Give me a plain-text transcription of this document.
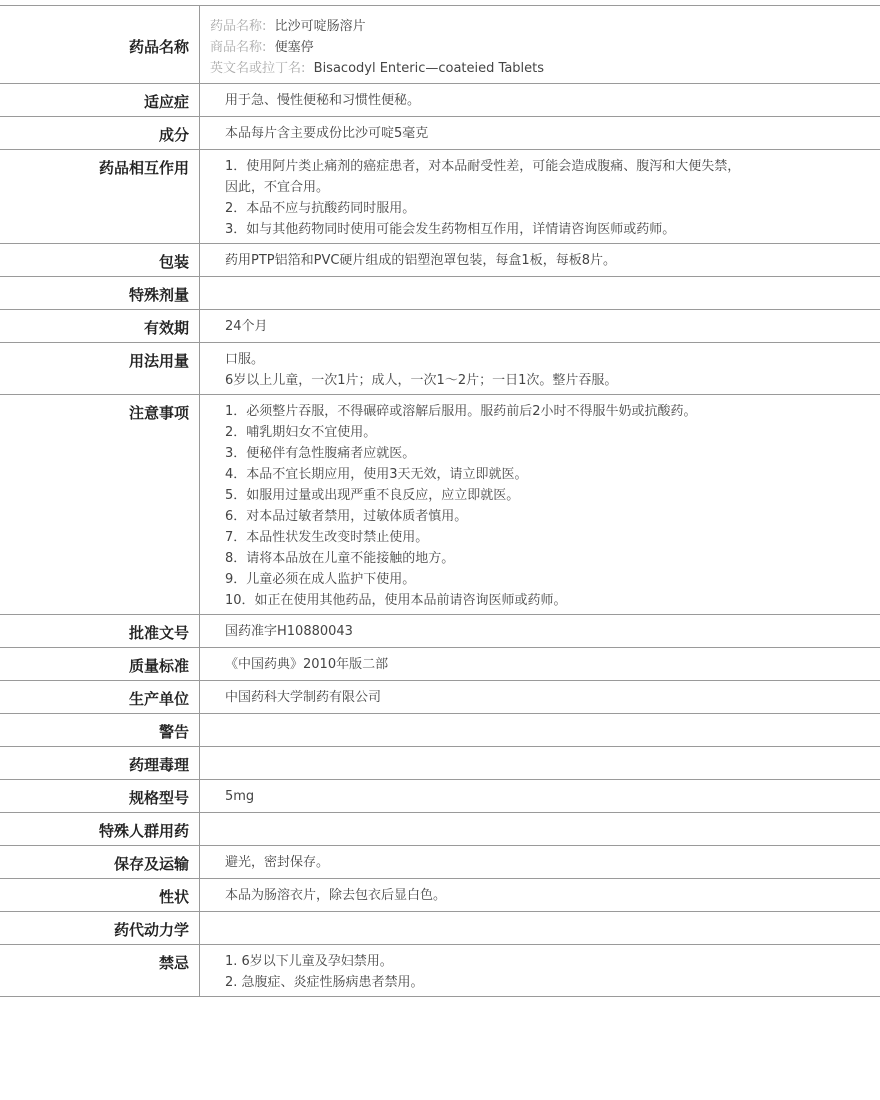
药品名称
药品名称: 比沙可啶肠溶片
商品名称: 便塞停
英文名或拉丁名: Bisacodyl Enteric—coateied Tablets
适应症	用于急、慢性便秘和习惯性便秘。
成分	本品每片含主要成份比沙可啶5毫克
药品相互作用	1．使用阿片类止痛剂的癌症患者，对本品耐受性差，可能会造成腹痛、腹泻和大便失禁，
因此，不宜合用。
2．本品不应与抗酸药同时服用。
3．如与其他药物同时使用可能会发生药物相互作用，详情请咨询医师或药师。
包装	药用PTP铝箔和PVC硬片组成的铝塑泡罩包装，每盒1板，每板8片。
特殊剂量
有效期	24个月
用法用量	口服。
6岁以上儿童，一次1片；成人，一次1～2片；一日1次。整片吞服。
注意事项	1．必须整片吞服，不得碾碎或溶解后服用。服药前后2小时不得服牛奶或抗酸药。
2．哺乳期妇女不宜使用。
3．便秘伴有急性腹痛者应就医。
4．本品不宜长期应用，使用3天无效，请立即就医。
5．如服用过量或出现严重不良反应，应立即就医。
6．对本品过敏者禁用，过敏体质者慎用。
7．本品性状发生改变时禁止使用。
8．请将本品放在儿童不能接触的地方。
9．儿童必须在成人监护下使用。
10．如正在使用其他药品，使用本品前请咨询医师或药师。
批准文号	国药准字H10880043
质量标准	《中国药典》2010年版二部
生产单位	中国药科大学制药有限公司
警告
药理毒理
规格型号	5mg
特殊人群用药
保存及运输	避光，密封保存。
性状	本品为肠溶衣片，除去包衣后显白色。
药代动力学
禁忌	1. 6岁以下儿童及孕妇禁用。
2. 急腹症、炎症性肠病患者禁用。
